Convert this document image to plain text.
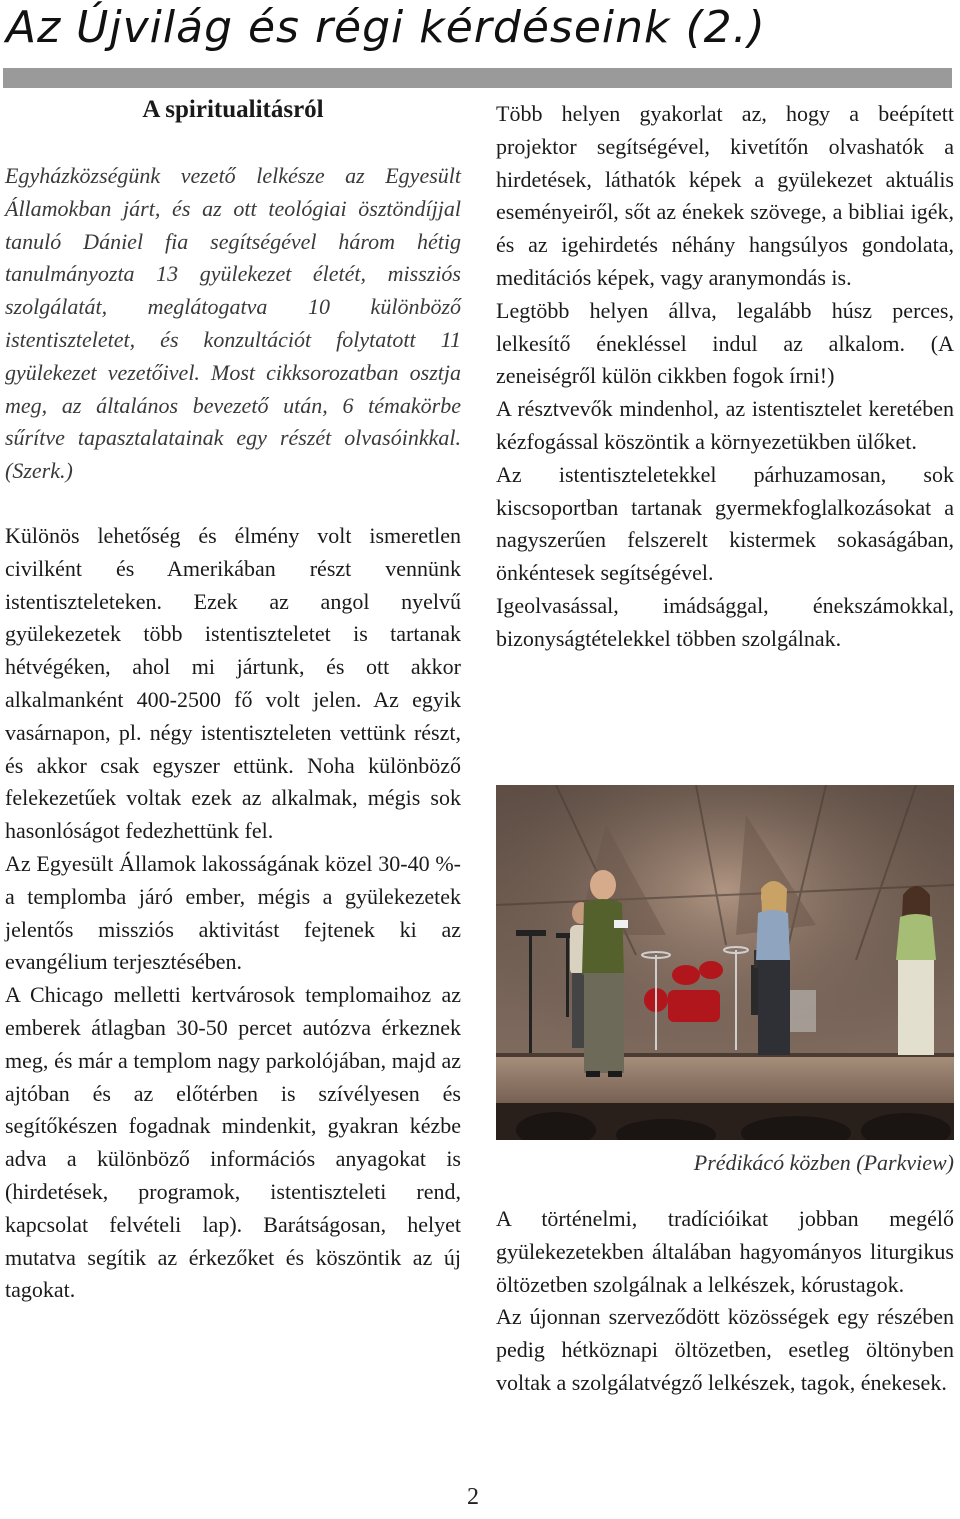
Az Újvilág és régi kérdéseink (2.)
A spiritualitásról

Egyházközségünk vezető lelkésze az Egyesült Államokban járt, és az ott teológiai ösztöndíjjal tanuló Dániel fia segítségével három hétig tanulmányozta 13 gyülekezet életét, missziós szolgálatát, meglátogatva 10 különböző istentiszteletet, és konzultációt folytatott 11 gyülekezet vezetőivel. Most cikksorozatban osztja meg, az általános bevezető után, 6 témakörbe sűrítve tapasztalatainak egy részét olvasóinkkal. (Szerk.)

Különös lehetőség és élmény volt ismeretlen civilként és Amerikában részt vennünk istentiszteleteken. Ezek az angol nyelvű gyülekezetek több istentiszteletet is tartanak hétvégéken, ahol mi jártunk, és ott akkor alkalmanként 400-2500 fő volt jelen. Az egyik vasárnapon, pl. négy istentiszteleten vettünk részt, és akkor csak egyszer ettünk. Noha különböző felekezetűek voltak ezek az alkalmak, mégis sok hasonlóságot fedezhettünk fel.

Az Egyesült Államok lakosságának közel 30-40 %-a templomba járó ember, mégis a gyülekezetek jelentős missziós aktivitást fejtenek ki az evangélium terjesztésében.

A Chicago melletti kertvárosok templomaihoz az emberek átlagban 30-50 percet autózva érkeznek meg, és már a templom nagy parkolójában, majd az ajtóban és az előtérben is szívélyesen és segítőkészen fogadnak mindenkit, gyakran kézbe adva a különböző információs anyagokat is (hirdetések, programok, istentiszteleti rend, kapcsolat felvételi lap). Barátságosan, helyet mutatva segítik az érkezőket és köszöntik az új tagokat.

Több helyen gyakorlat az, hogy a beépített projektor segítségével, kivetítőn olvashatók a hirdetések, láthatók képek a gyülekezet aktuális eseményeiről, sőt az énekek szövege, a bibliai igék, és az igehirdetés néhány hangsúlyos gondolata, meditációs képek, vagy aranymondás is.

Legtöbb helyen állva, legalább húsz perces, lelkesítő énekléssel indul az alkalom. (A zeneiségről külön cikkben fogok írni!)

A résztvevők mindenhol, az istentisztelet keretében kézfogással köszöntik a környezetükben ülőket.

Az istentiszteletekkel párhuzamosan, sok kiscsoportban tartanak gyermekfoglalkozásokat a nagyszerűen felszerelt kistermek sokaságában, önkéntesek segítségével.

Igeolvasással, imádsággal, énekszámokkal, bizonyságtételekkel többen szolgálnak.

Prédikácó közben (Parkview)

A történelmi, tradícióikat jobban megélő gyülekezetekben általában hagyományos liturgikus öltözetben szolgálnak a lelkészek, kórustagok.

Az újonnan szerveződött közösségek egy részében pedig hétköznapi öltözetben, esetleg öltönyben voltak a szolgálatvégző lelkészek, tagok, énekesek.

2
